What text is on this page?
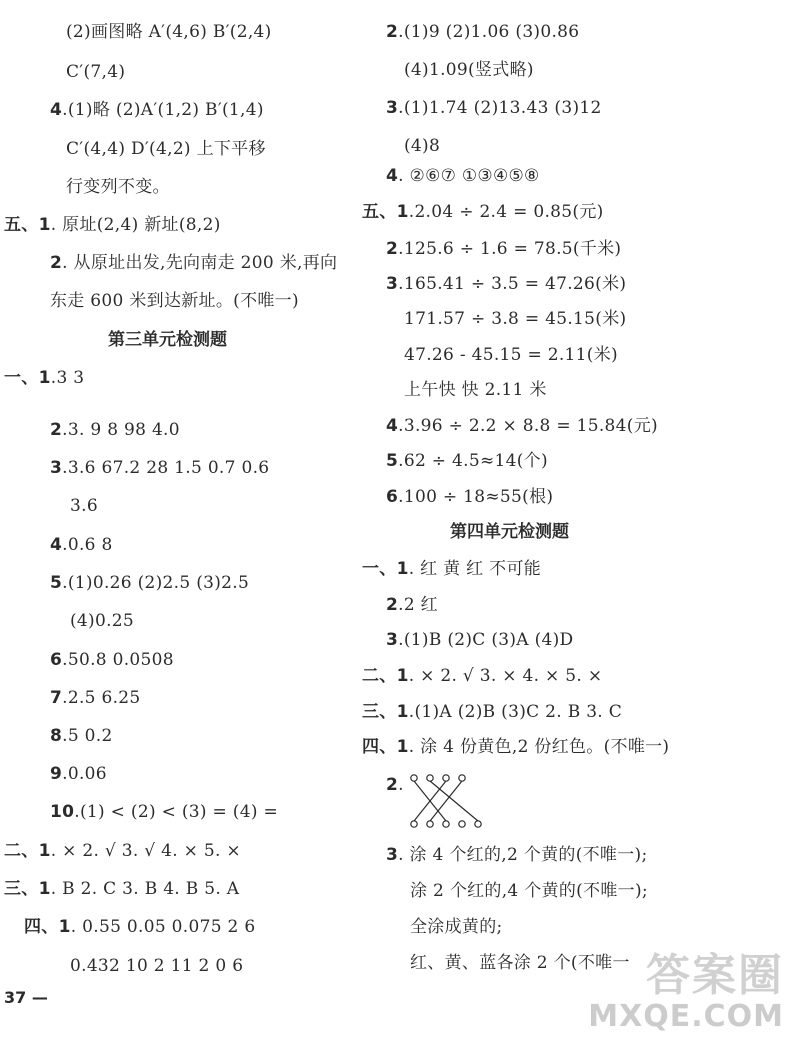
(2)画图略 A′(4,6) B′(2,4)
C′(7,4)
4.(1)略 (2)A′(1,2) B′(1,4)
C′(4,4) D′(4,2) 上下平移
行变列不变。
五、1. 原址(2,4) 新址(8,2)
2. 从原址出发,先向南走 200 米,再向
东走 600 米到达新址。(不唯一)
第三单元检测题
一、1.3 3
2.3. 9 8 98 4.0
3.3.6 67.2 28 1.5 0.7 0.6
3.6
4.0.6 8
5.(1)0.26 (2)2.5 (3)2.5
(4)0.25
6.50.8 0.0508
7.2.5 6.25
8.5 0.2
9.0.06
10.(1) < (2) < (3) = (4) =
二、1. × 2. √ 3. √ 4. × 5. ×
三、1. B 2. C 3. B 4. B 5. A
四、1. 0.55 0.05 0.075 2 6
0.432 10 2 11 2 0 6
2.(1)9 (2)1.06 (3)0.86
(4)1.09(竖式略)
3.(1)1.74 (2)13.43 (3)12
(4)8
4. ②⑥⑦ ①③④⑤⑧
五、1.2.04 ÷ 2.4 = 0.85(元)
2.125.6 ÷ 1.6 = 78.5(千米)
3.165.41 ÷ 3.5 = 47.26(米)
171.57 ÷ 3.8 = 45.15(米)
47.26 - 45.15 = 2.11(米)
上午快 快 2.11 米
4.3.96 ÷ 2.2 × 8.8 = 15.84(元)
5.62 ÷ 4.5≈14(个)
6.100 ÷ 18≈55(根)
第四单元检测题
一、1. 红 黄 红 不可能
2.2 红
3.(1)B (2)C (3)A (4)D
二、1. × 2. √ 3. × 4. × 5. ×
三、1.(1)A (2)B (3)C 2. B 3. C
四、1. 涂 4 份黄色,2 份红色。(不唯一)
2.
3. 涂 4 个红的,2 个黄的(不唯一);
涂 2 个红的,4 个黄的(不唯一);
全涂成黄的;
红、黄、蓝各涂 2 个(不唯一
37 —	答案圈
MXQE.COM
